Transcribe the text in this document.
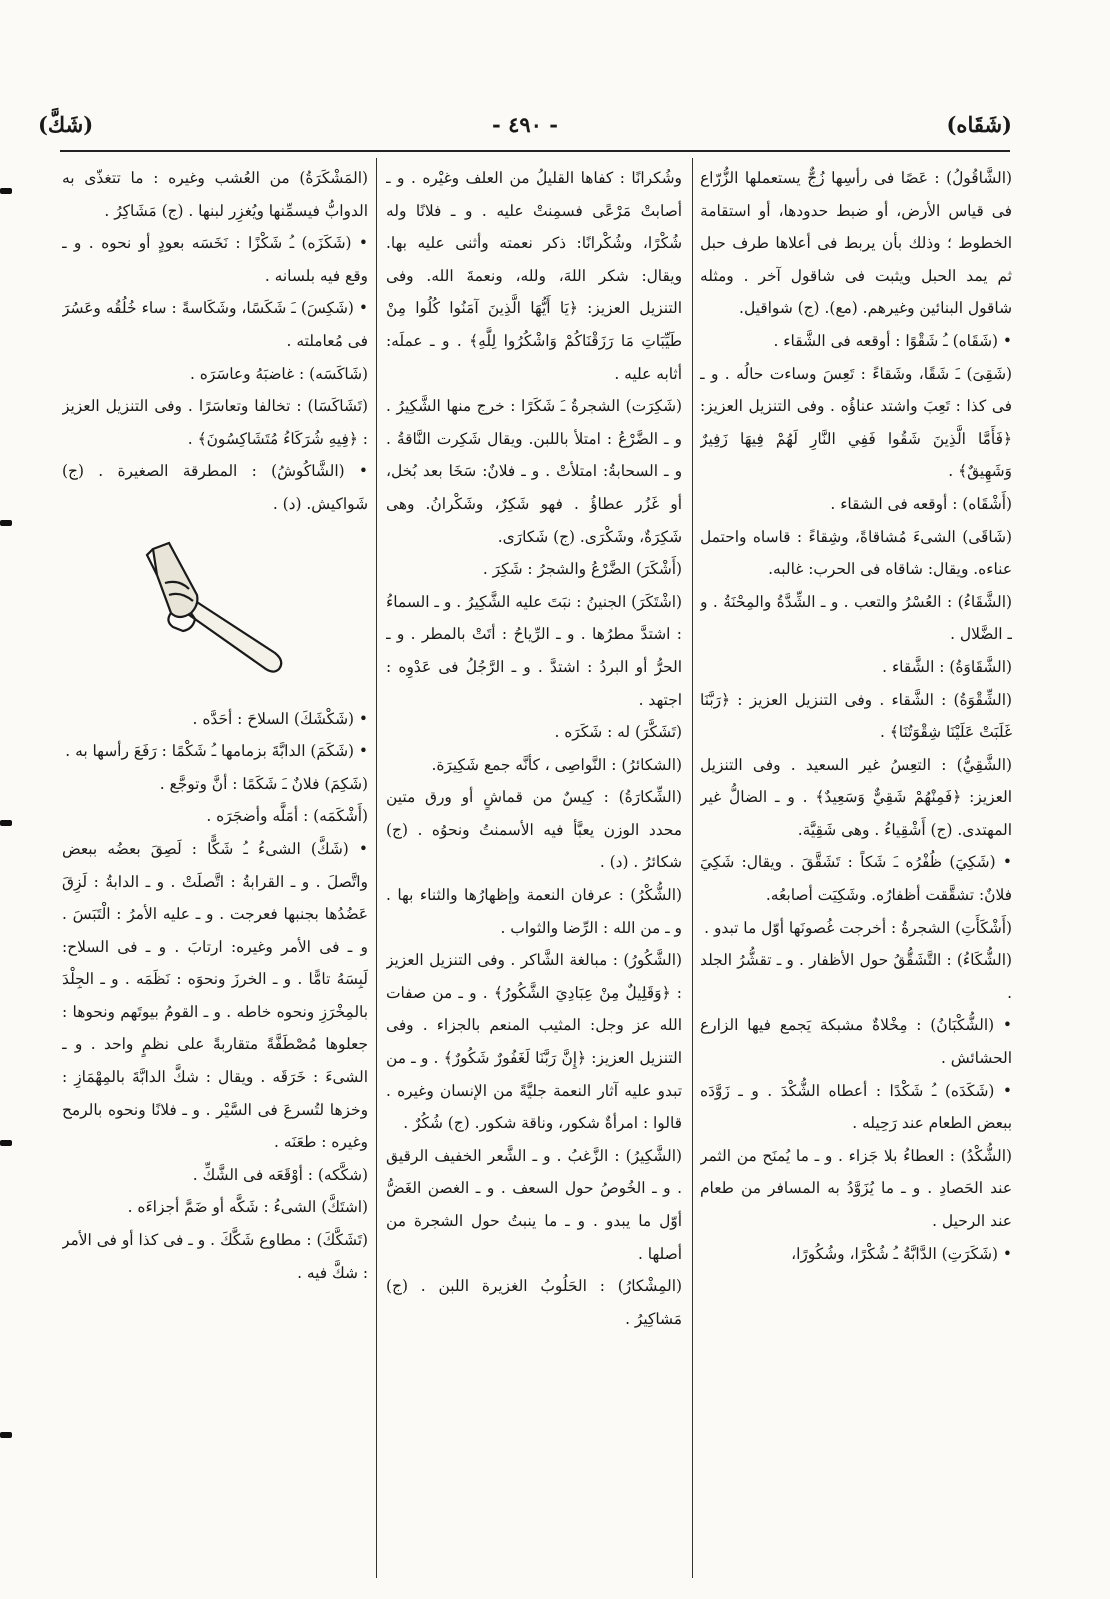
(شَقَاه)
- ٤٩٠ -
(شَكَّ)

(الشَّاقُولُ) : عَصًا فى رأسِها زُجٌّ يستعملها الزُّرّاع فى قياس الأرض، أو ضبط حدودها، أو استقامة الخطوط ؛ وذلك بأن يربط فى أعلاها طرف حبل ثم يمد الحبل ويثبت فى شاقول آخر . ومثله شاقول البنائين وغيرهم. (مع). (ج) شواقيل.

• (شَقَاه) ـُ شَقْوًا : أوقعه فى الشَّقاء .

(شَقِىَ) ـَ شَقًا، وشَقاءً : تَعِسَ وساءت حالُه . و ـ فى كذا : تَعِبَ واشتد عناؤُه . وفى التنزيل العزيز: ﴿فَأَمَّا الَّذِينَ شَقُوا فَفِي النَّارِ لَهُمْ فِيهَا زَفِيرٌ وَشَهِيقٌ﴾ .

(أَشْقَاه) : أوقعه فى الشقاء .

(شَاقَى) الشىءَ مُشاقاةً، وشِقاءً : قاساه واحتمل عناءه. ويقال: شاقاه فى الحرب: غالبه.

(الشَّقَاءُ) : العُسْرُ والتعب . و ـ الشِّدَّةُ والمِحْنَةُ . و ـ الضَّلال .

(الشَّقَاوَةُ) : الشَّقاء .

(الشِّقْوَةُ) : الشَّقاء . وفى التنزيل العزيز : ﴿رَبَّنَا غَلَبَتْ عَلَيْنَا شِقْوَتُنَا﴾ .

(الشَّقِيُّ) : التعِسُ غير السعيد . وفى التنزيل العزيز: ﴿فَمِنْهُمْ شَقِيٌّ وَسَعِيدٌ﴾ . و ـ الضالُّ غير المهتدى. (ج) أَشْقِياءُ . وهى شَقِيَّة.

• (شَكِيَ) ظُفْرُه ـَ شَكاً : تَشَقَّقَ . ويقال: شَكِيَ فلانٌ: تشقَّقت أظفارُه. وشَكِيَت أصابعُه.

(أَشْكَأَتِ) الشجرةُ : أخرجت غُصونَها أوّل ما تبدو .

(الشُّكَاءُ) : التَّشَقُّقُ حول الأظفار . و ـ تقشُّرُ الجلد .

• (الشُّكْبَانُ) : مِخْلاةٌ مشبكة يَجمع فيها الزارع الحشائش .

• (شَكَدَه) ـُ شَكْدًا : أعطاه الشُّكْدَ . و ـ زَوَّدَه ببعض الطعام عند رَحِيله .

(الشُّكْدُ) : العطاءُ بلا جَزاء . و ـ ما يُمنَح من الثمر عند الحَصادِ . و ـ ما يُزَوَّدُ به المسافر من طعام عند الرحيل .

• (شَكَرَتِ) الدَّابَّةُ ـُ شُكْرًا، وشُكُورًا،

وشُكرانًا : كفاها القليلُ من العلف وغيْره . و ـ أصابتْ مَرْعًى فسمِنتْ عليه . و ـ فلانًا وله شُكْرًا، وشُكْرانًا: ذكر نعمته وأثنى عليه بها. ويقال: شكر اللهَ، ولله، ونعمةَ الله. وفى التنزيل العزيز: ﴿يَا أَيُّهَا الَّذِينَ آمَنُوا كُلُوا مِنْ طَيِّبَاتِ مَا رَزَقْنَاكُمْ وَاشْكُرُوا لِلَّهِ﴾ . و ـ عملَه: أثابه عليه .

(شَكِرَت) الشجرةُ ـَ شَكَرًا : خرج منها الشَّكِيرُ . و ـ الضَّرْعُ : امتلأ باللبن. ويقال شَكِرت النَّاقةُ . و ـ السحابةُ: امتلأتْ . و ـ فلانٌ: سَخَا بعد بُخل، أو غَزُر عطاؤُ . فهو شَكِرٌ، وشَكْرانُ. وهى شَكِرَةٌ، وشَكْرَى. (ج) شَكارَى.

(أَشْكَرَ) الضَّرْعُ والشجرُ : شَكِرَ .

(اشْتَكَرَ) الجنينُ : نبَتَ عليه الشَّكِيرُ . و ـ السماءُ : اشتدَّ مطرُها . و ـ الرِّياحُ : أتَتْ بالمطر . و ـ الحرُّ أو البردُ : اشتدَّ . و ـ الرَّجُلُ فى عَدْوِه : اجتهد .

(تَشَكَّرَ) له : شَكَرَه .

(الشكائرُ) : النَّواصِى ، كأنَّه جمع شَكِيرَة.

(الشِّكارَةُ) : كِيسٌ من قماشٍ أو ورق متين محدد الوزن يعبَّأ فيه الأسمنتُ ونحوُه . (ج) شكائرُ . (د) .

(الشُّكْرُ) : عرفان النعمة وإظهارُها والثناء بها . و ـ من الله : الرِّضا والثواب .

(الشَّكُورُ) : مبالغة الشَّاكر . وفى التنزيل العزيز : ﴿وَقَلِيلٌ مِنْ عِبَادِيَ الشَّكُورُ﴾ . و ـ من صفات الله عز وجل: المثيب المنعم بالجزاء . وفى التنزيل العزيز: ﴿إِنَّ رَبَّنَا لَغَفُورٌ شَكُورٌ﴾ . و ـ من تبدو عليه آثار النعمة جليَّةً من الإنسان وغيره . قالوا : امرأةٌ شكور، وناقة شكور. (ج) شُكُرٌ .

(الشَّكِيرُ) : الزَّغبُ . و ـ الشَّعر الخفيف الرقيق . و ـ الخُوصُ حول السعف . و ـ الغصن الغَضُّ أوّل ما يبدو . و ـ ما ينبتُ حول الشجرة من أصلها .

(المِشْكارُ) : الحَلُوبُ الغزيرة اللبن . (ج) مَشاكِيرُ .

(المَشْكَرَةُ) من العُشب وغيره : ما تتغذّى به الدوابُّ فيسمِّنها ويُغزِر لبنها . (ج) مَشَاكِرُ .

• (شَكَزَه) ـُ شَكْزًا : نَخَسَه بعودٍ أو نحوه . و ـ وقع فيه بلسانه .

• (شَكِسَ) ـَ شَكَسًا، وشَكَاسةً : ساء خُلُقُه وعَسُرَ فى مُعاملته .

(شَاكَسَه) : غاضبَهُ وعاسَرَه .

(تَشَاكَسَا) : تخالفا وتعاسَرًا . وفى التنزيل العزيز : ﴿فِيهِ شُرَكَاءُ مُتَشَاكِسُونَ﴾ .

• (الشَّاكُوشُ) : المطرقة الصغيرة . (ج) شَواكيش. (د) .

• (شَكْشَكَ) السلاحَ : أحَدَّه .

• (شَكَمَ) الدابَّةَ بزمامها ـُ شَكْمًا : رَفَعَ رأسها به .

(شَكِمَ) فلانٌ ـَ شَكَمًا : أنَّ وتوجَّع .

(أَشْكَمَه) : أمَلَّه وأضجَرَه .

• (شَكَّ) الشىءُ ـُ شَكًّا : لَصِقَ بعضُه ببعض واتَّصلَ . و ـ القرابةُ : اتَّصلَتْ . و ـ الدابةُ : لَزِقَ عَضُدُها بجنبها فعرجت . و ـ عليه الأمرُ : الْتَبَسَ . و ـ فى الأمر وغيره: ارتابَ . و ـ فى السلاح: لَبِسَهُ تامًّا . و ـ الخرزَ ونحوَه : نَظَمَه . و ـ الجِلْدَ بالمِخْرَزِ ونحوه خاطه . و ـ القومُ بيوتَهم ونحوها : جعلوها مُصْطَفَّةً متقاربةً على نظمٍ واحد . و ـ الشىءَ : خَرَقَه . ويقال : شكَّ الدابَّةَ بالمِهْمَازِ : وخزها لتُسرعَ فى السَّيْر . و ـ فلانًا ونحوه بالرمح وغيره : طعَنَه .

(شكَّكه) : أوْقَعَه فى الشَّكِّ .

(اشتَكَّ) الشىءُ : شَكَّه أو ضَمَّ أجزاءَه .

(تَشَكَّكَ) : مطاوع شَكَّكَ . و ـ فى كذا أو فى الأمر : شكَّ فيه .
